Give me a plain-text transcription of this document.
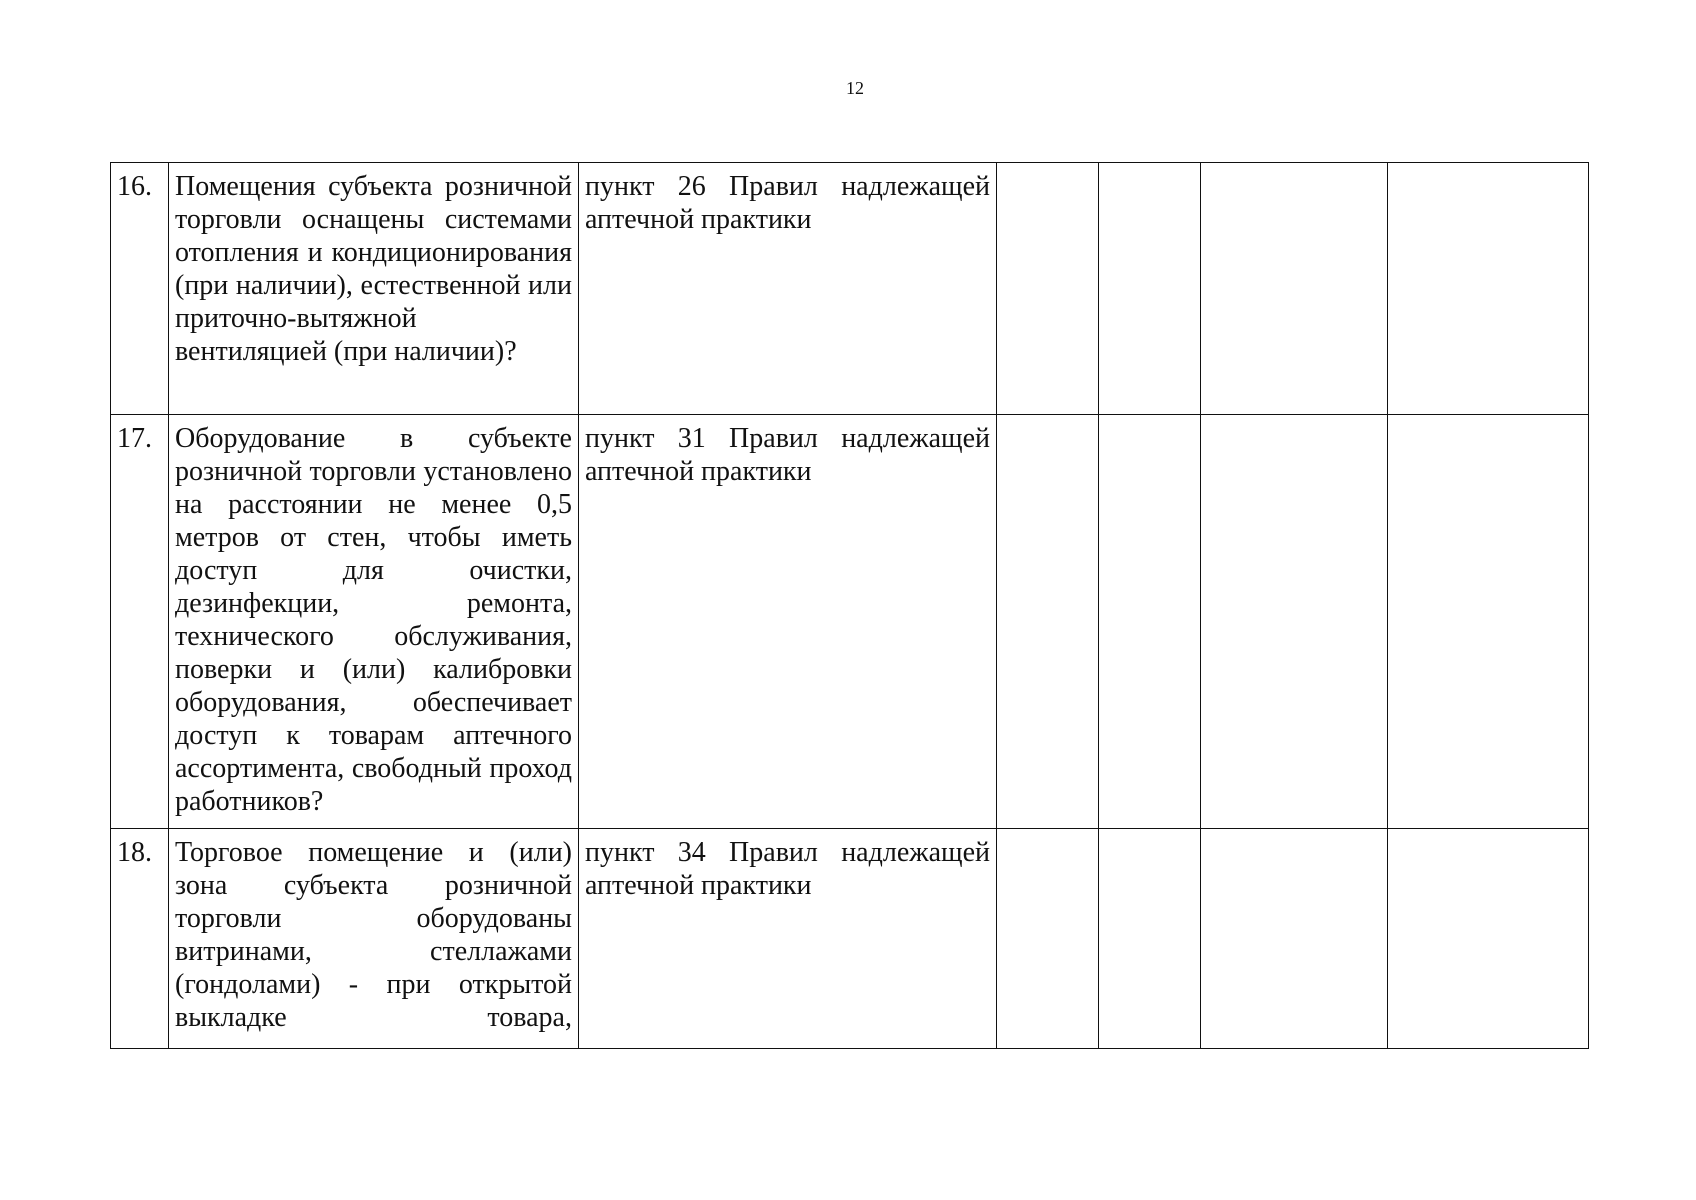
12
16.	Помещения субъекта розничной торговли оснащены системами отопления и кондиционирования (при наличии), естественной или приточно-вытяжной вентиляцией (при наличии)?	пункт 26 Правил надлежащей аптечной практики				
17.	Оборудование в субъекте розничной торговли установлено на расстоянии не менее 0,5 метров от стен, чтобы иметь доступ для очистки, дезинфекции, ремонта, технического обслуживания, поверки и (или) калибровки оборудования, обеспечивает доступ к товарам аптечного ассортимента, свободный проход работников?	пункт 31 Правил надлежащей аптечной практики				
18.	Торговое помещение и (или) зона субъекта розничной торговли оборудованы витринами, стеллажами (гондолами) - при открытой выкладке товара,	пункт 34 Правил надлежащей аптечной практики				
